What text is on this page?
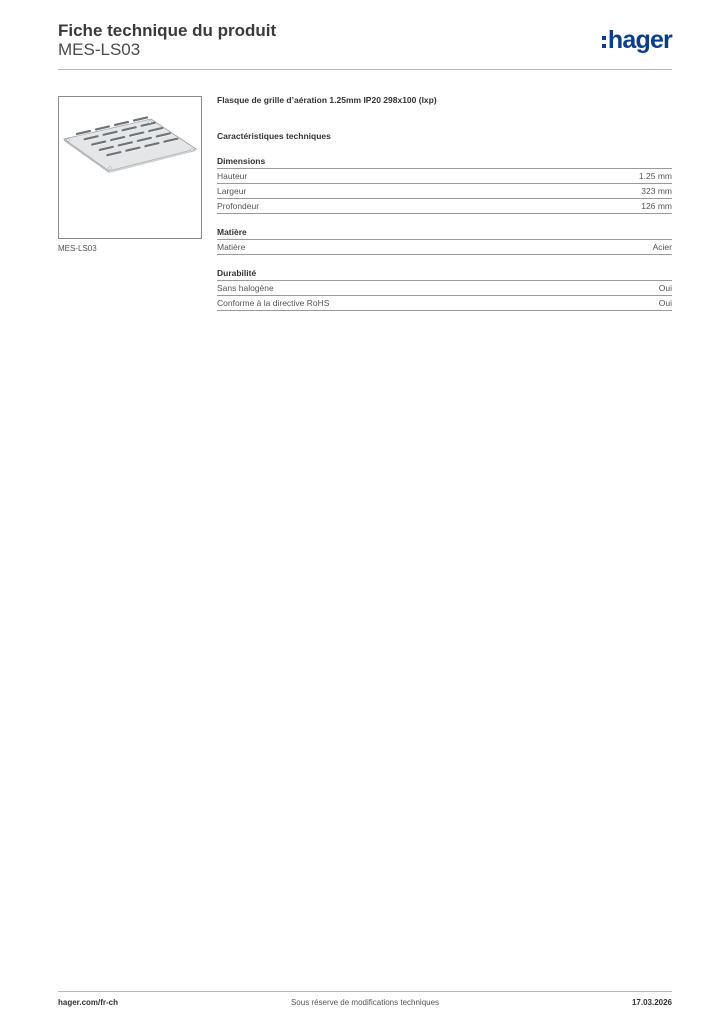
Fiche technique du produit
MES-LS03	hager
MES-LS03
Flasque de grille d’aération 1.25mm IP20 298x100 (lxp)
Caractéristiques techniques
Dimensions
Hauteur	1.25 mm
Largeur	323 mm
Profondeur	126 mm
Matière
Matière	Acier
Durabilité
Sans halogène	Oui
Conforme à la directive RoHS	Oui
Sous réserve de modifications techniques
hager.com/fr-ch	17.03.2026
